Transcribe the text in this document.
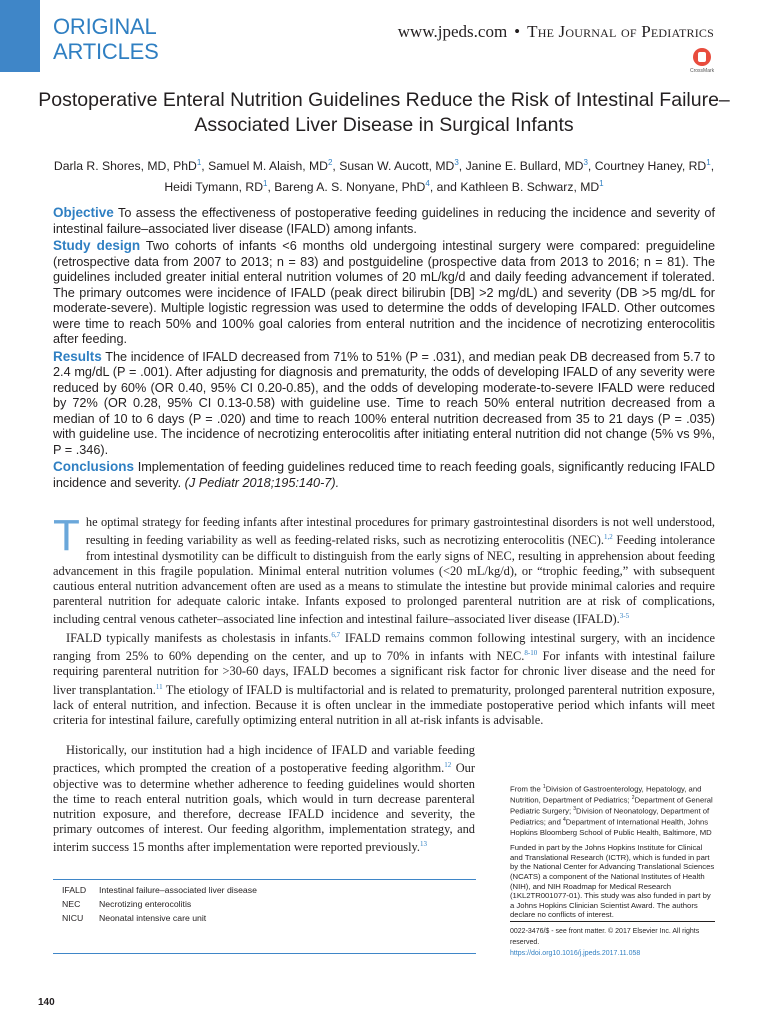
ORIGINAL
ARTICLES
www.jpeds.com • The Journal of Pediatrics
CrossMark
Postoperative Enteral Nutrition Guidelines Reduce the Risk of Intestinal Failure–Associated Liver Disease in Surgical Infants
Darla R. Shores, MD, PhD$^1$, Samuel M. Alaish, $MD^2$, Susan W. Aucott, $MD^3$, Janine E. Bullard, $MD^3$, Courtney Haney, $RD^1$,
Heidi Tymann, $RD^1$, Bareng A. S. Nonyane, PhD$^4$, and Kathleen B. Schwarz, $MD^1$

Objective To assess the effectiveness of postoperative feeding guidelines in reducing the incidence and severity of intestinal failure–associated liver disease (IFALD) among infants.

Study design Two cohorts of infants <6 months old undergoing intestinal surgery were compared: preguideline (retrospective data from 2007 to 2013; n = 83) and postguideline (prospective data from 2013 to 2016; n = 81). The guidelines included greater initial enteral nutrition volumes of 20 mL/kg/d and daily feeding advancement if tolerated. The primary outcomes were incidence of IFALD (peak direct bilirubin [DB] >2 mg/dL) and severity (DB >5 mg/dL for moderate-severe). Multiple logistic regression was used to determine the odds of developing IFALD. Other outcomes were time to reach 50% and 100% goal calories from enteral nutrition and the incidence of necrotizing enterocolitis after feeding.

Results The incidence of IFALD decreased from 71% to 51% (P = .031), and median peak DB decreased from 5.7 to 2.4 mg/dL (P = .001). After adjusting for diagnosis and prematurity, the odds of developing IFALD of any severity were reduced by 60% (OR 0.40, 95% CI 0.20-0.85), and the odds of developing moderate-to-severe IFALD were reduced by 72% (OR 0.28, 95% CI 0.13-0.58) with guideline use. Time to reach 50% enteral nutrition decreased from a median of 10 to 6 days (P = .020) and time to reach 100% enteral nutrition decreased from 35 to 21 days (P = .035) with guideline use. The incidence of necrotizing enterocolitis after initiating enteral nutrition did not change (5% vs 9%, P = .346).

Conclusions Implementation of feeding guidelines reduced time to reach feeding goals, significantly reducing IFALD incidence and severity. (J Pediatr 2018;195:140-7).

The optimal strategy for feeding infants after intestinal procedures for primary gastrointestinal disorders is not well understood, resulting in feeding variability as well as feeding-related risks, such as necrotizing enterocolitis (NEC).$^{1,2}$ Feeding intolerance from intestinal dysmotility can be difficult to distinguish from the early signs of NEC, resulting in apprehension about feeding advancement in this fragile population. Minimal enteral nutrition volumes (<20 mL/kg/d), or “trophic feeding,” with subsequent cautious enteral nutrition advancement often are used as a means to stimulate the intestine but provide minimal calories and require parenteral nutrition for adequate caloric intake. Infants exposed to prolonged parenteral nutrition are at risk of complications, including central venous catheter–associated line infection and intestinal failure–associated liver disease (IFALD).$^{3-5}$

IFALD typically manifests as cholestasis in infants.$^{6,7}$ IFALD remains common following intestinal surgery, with an incidence ranging from 25% to 60% depending on the center, and up to 70% in infants with NEC.$^{8-10}$ For infants with intestinal failure requiring parenteral nutrition for >30-60 days, IFALD becomes a significant risk factor for chronic liver disease and the need for liver transplantation.$^{11}$ The etiology of IFALD is multifactorial and is related to prematurity, prolonged parenteral nutrition exposure, lack of enteral nutrition, and infection. Because it is often unclear in the immediate postoperative period which infants will meet criteria for intestinal failure, carefully optimizing enteral nutrition in all at-risk infants is advisable.

Historically, our institution had a high incidence of IFALD and variable feeding practices, which prompted the creation of a postoperative feeding algorithm.$^{12}$ Our objective was to determine whether adherence to feeding guidelines would shorten the time to reach enteral nutrition goals, which would in turn decrease parenteral nutrition exposure, and therefore, decrease IFALD incidence and severity, the primary outcomes of interest. Our feeding algorithm, implementation strategy, and interim success 15 months after implementation were reported previously.$^{13}$

From the $^1$Division of Gastroenterology, Hepatology, and Nutrition, Department of Pediatrics; $^2$Department of General Pediatric Surgery; $^3$Division of Neonatology, Department of Pediatrics; and $^4$Department of International Health, Johns Hopkins Bloomberg School of Public Health, Baltimore, MD

Funded in part by the Johns Hopkins Institute for Clinical and Translational Research (ICTR), which is funded in part by the National Center for Advancing Translational Sciences (NCATS) a component of the National Institutes of Health (NIH), and NIH Roadmap for Medical Research (1KL2TR001077-01). This study was also funded in part by a Johns Hopkins Clinician Scientist Award. The authors declare no conflicts of interest.

0022-3476/$ - see front matter. © 2017 Elsevier Inc. All rights
reserved.
https://doi.org10.1016/j.jpeds.2017.11.058
IFALD Intestinal failure–associated liver disease
NEC Necrotizing enterocolitis
NICU Neonatal intensive care unit
140
